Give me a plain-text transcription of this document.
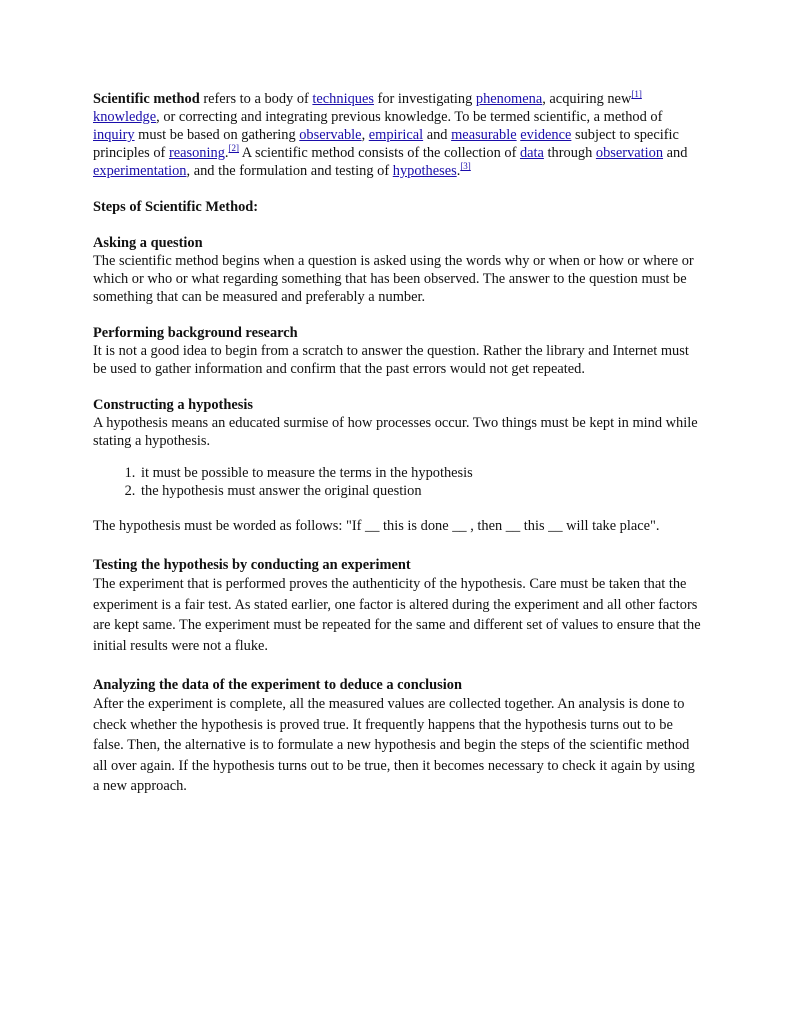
Scientific method refers to a body of techniques for investigating phenomena, acquiring new[1] knowledge, or correcting and integrating previous knowledge. To be termed scientific, a method of inquiry must be based on gathering observable, empirical and measurable evidence subject to specific principles of reasoning.[2] A scientific method consists of the collection of data through observation and experimentation, and the formulation and testing of hypotheses.[3]

Steps of Scientific Method:

Asking a question

The scientific method begins when a question is asked using the words why or when or how or where or which or who or what regarding something that has been observed. The answer to the question must be something that can be measured and preferably a number.

Performing background research

It is not a good idea to begin from a scratch to answer the question. Rather the library and Internet must be used to gather information and confirm that the past errors would not get repeated.

Constructing a hypothesis

A hypothesis means an educated surmise of how processes occur. Two things must be kept in mind while stating a hypothesis.

1. it must be possible to measure the terms in the hypothesis
2. the hypothesis must answer the original question

The hypothesis must be worded as follows: "If __ this is done __ , then __ this __ will take place".

Testing the hypothesis by conducting an experiment

The experiment that is performed proves the authenticity of the hypothesis. Care must be taken that the experiment is a fair test. As stated earlier, one factor is altered during the experiment and all other factors are kept same. The experiment must be repeated for the same and different set of values to ensure that the initial results were not a fluke.

Analyzing the data of the experiment to deduce a conclusion

After the experiment is complete, all the measured values are collected together. An analysis is done to check whether the hypothesis is proved true. It frequently happens that the hypothesis turns out to be false. Then, the alternative is to formulate a new hypothesis and begin the steps of the scientific method all over again. If the hypothesis turns out to be true, then it becomes necessary to check it again by using a new approach.
